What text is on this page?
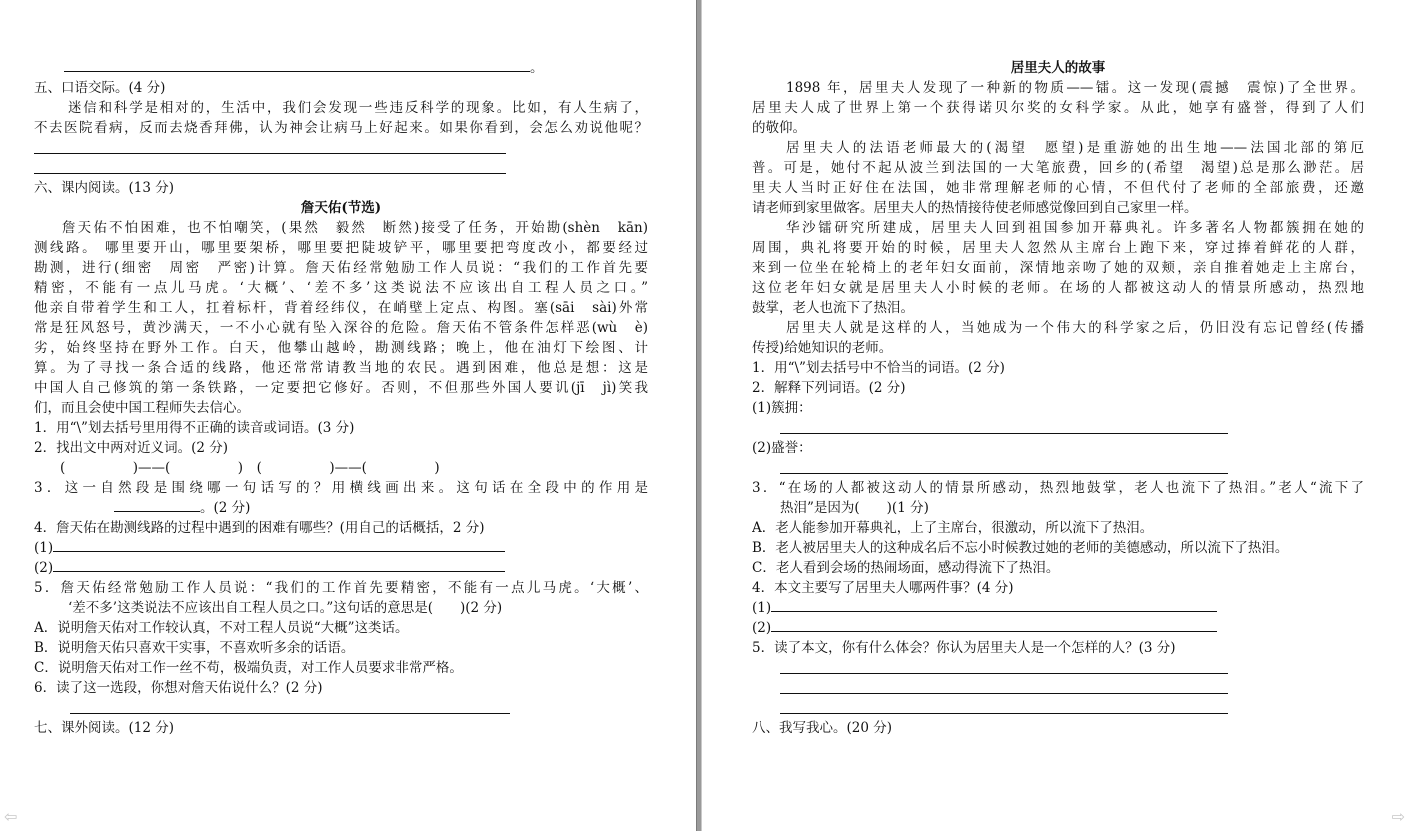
。
五、口语交际。(4 分)
迷信和科学是相对的，生活中，我们会发现一些违反科学的现象。比如，有人生病了，
不去医院看病，反而去烧香拜佛，认为神会让病马上好起来。如果你看到，会怎么劝说他呢？
六、课内阅读。(13 分)
詹天佑(节选)
詹天佑不怕困难，也不怕嘲笑，(果然　毅然　断然)接受了任务，开始勘(shèn　kān)
测线路。 哪里要开山，哪里要架桥，哪里要把陡坡铲平，哪里要把弯度改小，都要经过
勘测，进行(细密　周密　严密)计算。詹天佑经常勉励工作人员说：“我们的工作首先要
精密，不能有一点儿马虎。‘大概’、‘差不多’这类说法不应该出自工程人员之口。”
他亲自带着学生和工人，扛着标杆，背着经纬仪，在峭壁上定点、构图。塞(sāi　sài)外常
常是狂风怒号，黄沙满天，一不小心就有坠入深谷的危险。詹天佑不管条件怎样恶(wù　è)
劣，始终坚持在野外工作。白天，他攀山越岭，勘测线路；晚上，他在油灯下绘图、计
算。为了寻找一条合适的线路，他还常常请教当地的农民。遇到困难，他总是想：这是
中国人自己修筑的第一条铁路，一定要把它修好。否则，不但那些外国人要讥(jī　jì)笑我
们，而且会使中国工程师失去信心。
1．用“\”划去括号里用得不正确的读音或词语。(3 分)
2．找出文中两对近义词。(2 分)
(　　　　　)——(　　　　　)　(　　　　　)——(　　　　　)
3．这一自然段是围绕哪一句话写的？用横线画出来。这句话在全段中的作用是
。(2 分)
4．詹天佑在勘测线路的过程中遇到的困难有哪些？(用自己的话概括，2 分)
(1)
(2)
5．詹天佑经常勉励工作人员说：“我们的工作首先要精密，不能有一点儿马虎。‘大概’、
‘差不多’这类说法不应该出自工程人员之口。”这句话的意思是(　　)(2 分)
A．说明詹天佑对工作较认真，不对工程人员说“大概”这类话。
B．说明詹天佑只喜欢干实事，不喜欢听多余的话语。
C．说明詹天佑对工作一丝不苟，极端负责，对工作人员要求非常严格。
6．读了这一选段，你想对詹天佑说什么？(2 分)
七、课外阅读。(12 分)
居里夫人的故事
1898 年，居里夫人发现了一种新的物质——镭。这一发现(震撼　震惊)了全世界。
居里夫人成了世界上第一个获得诺贝尔奖的女科学家。从此，她享有盛誉，得到了人们
的敬仰。
居里夫人的法语老师最大的(渴望　愿望)是重游她的出生地——法国北部的第厄
普。可是，她付不起从波兰到法国的一大笔旅费，回乡的(希望　渴望)总是那么渺茫。居
里夫人当时正好住在法国，她非常理解老师的心情，不但代付了老师的全部旅费，还邀
请老师到家里做客。居里夫人的热情接待使老师感觉像回到自己家里一样。
华沙镭研究所建成，居里夫人回到祖国参加开幕典礼。许多著名人物都簇拥在她的
周围，典礼将要开始的时候，居里夫人忽然从主席台上跑下来，穿过捧着鲜花的人群，
来到一位坐在轮椅上的老年妇女面前，深情地亲吻了她的双颊，亲自推着她走上主席台，
这位老年妇女就是居里夫人小时候的老师。在场的人都被这动人的情景所感动，热烈地
鼓掌，老人也流下了热泪。
居里夫人就是这样的人，当她成为一个伟大的科学家之后，仍旧没有忘记曾经(传播
传授)给她知识的老师。
1．用“\”划去括号中不恰当的词语。(2 分)
2．解释下列词语。(2 分)
(1)簇拥：
(2)盛誉：
3．“在场的人都被这动人的情景所感动，热烈地鼓掌，老人也流下了热泪。”老人“流下了
热泪”是因为(　　)(1 分)
A．老人能参加开幕典礼，上了主席台，很激动，所以流下了热泪。
B．老人被居里夫人的这种成名后不忘小时候教过她的老师的美德感动，所以流下了热泪。
C．老人看到会场的热闹场面，感动得流下了热泪。
4．本文主要写了居里夫人哪两件事？(4 分)
(1)
(2)
5．读了本文，你有什么体会？你认为居里夫人是一个怎样的人？(3 分)
八、我写我心。(20 分)
⇦	⇨
